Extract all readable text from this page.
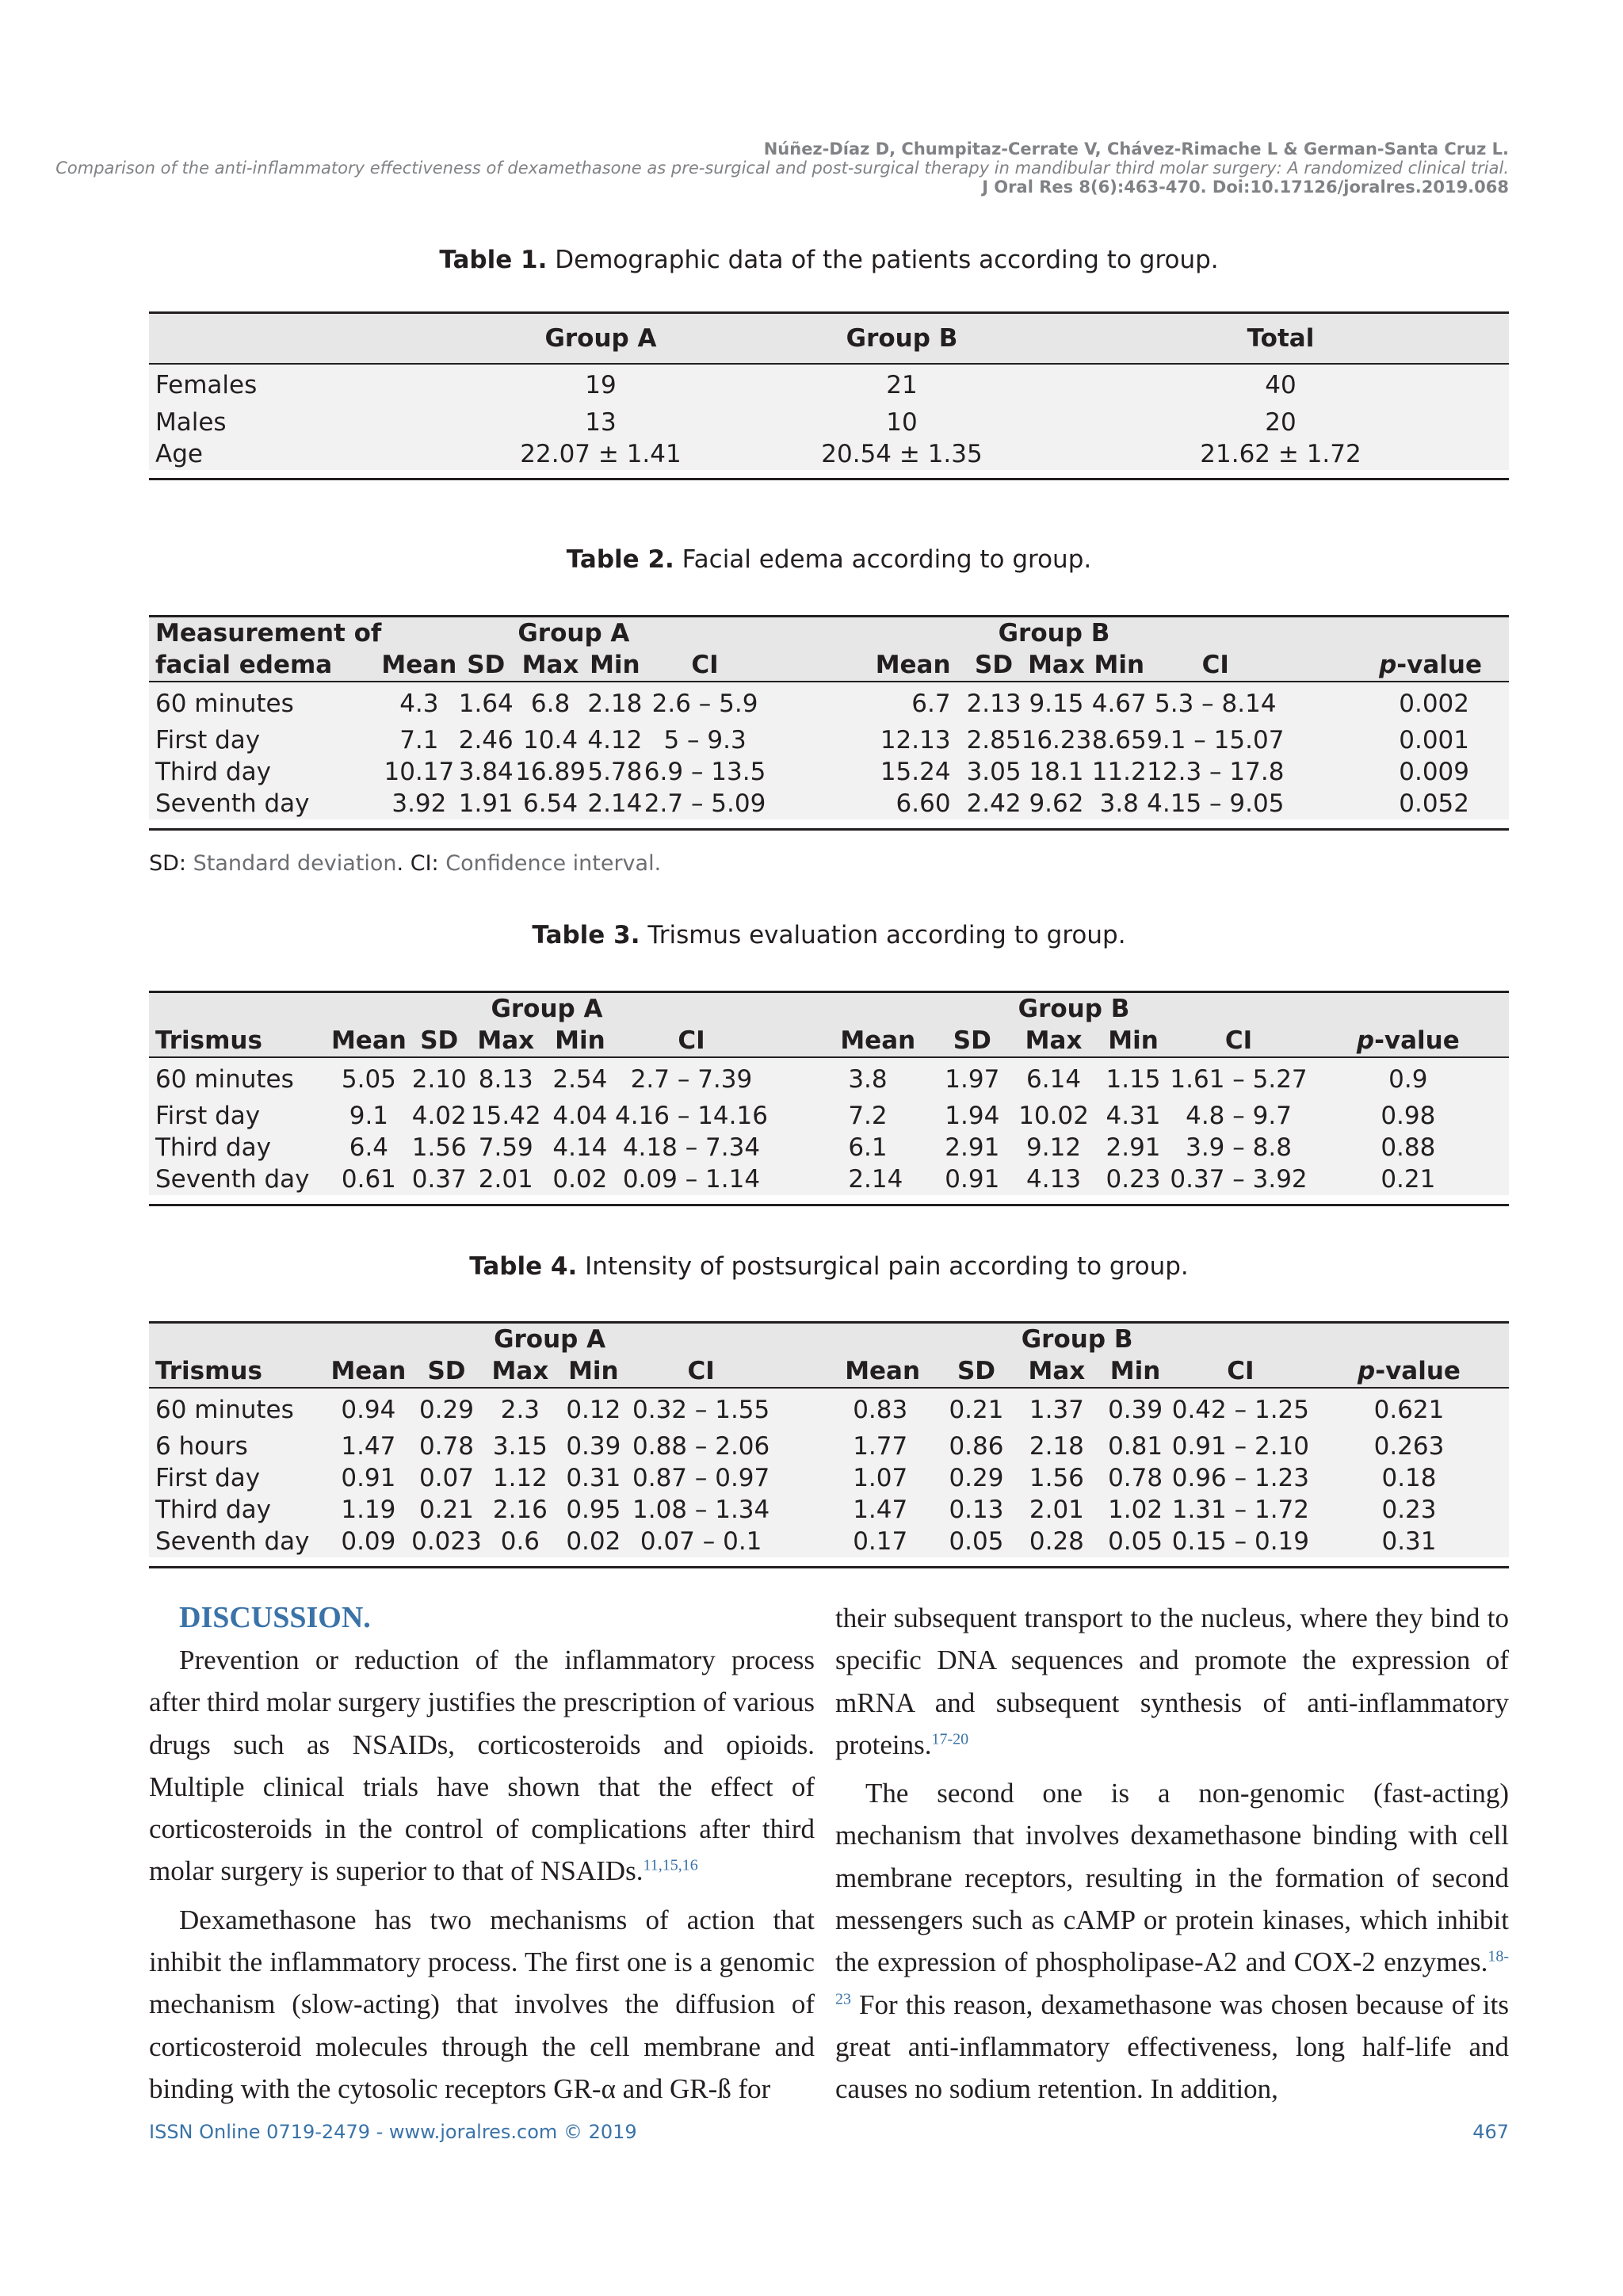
Núñez-Díaz D, Chumpitaz-Cerrate V, Chávez-Rimache L & German-Santa Cruz L.
Comparison of the anti-inflammatory effectiveness of dexamethasone as pre-surgical and post-surgical therapy in mandibular third molar surgery: A randomized clinical trial.
J Oral Res 8(6):463-470. Doi:10.17126/joralres.2019.068
Table 1. Demographic data of the patients according to group.
	Group A	Group B	Total
Females	19	21	40
Males	13	10	20
Age	22.07 ± 1.41	20.54 ± 1.35	21.62 ± 1.72

Table 2. Facial edema according to group.
Measurement of	Group A						Group B					
facial edema	Mean	SD	Max	Min	CI		Mean	SD	Max	Min	CI	p-value
60 minutes	4.3	1.64	6.8	2.18	2.6 – 5.9		6.7	2.13	9.15	4.67	5.3 – 8.14	0.002
First day	7.1	2.46	10.4	4.12	5 – 9.3		12.13	2.85	16.23	8.65	9.1 – 15.07	0.001
Third day	10.17	3.84	16.89	5.78	6.9 – 13.5		15.24	3.05	18.1	11.2	12.3 – 17.8	0.009
Seventh day	3.92	1.91	6.54	2.14	2.7 – 5.09		6.60	2.42	9.62	3.8	4.15 – 9.05	0.052

SD: Standard deviation. CI: Confidence interval.
Table 3. Trismus evaluation according to group.
	Group A						Group B					
Trismus	Mean	SD	Max	Min	CI		Mean	SD	Max	Min	CI	p-value
60 minutes	5.05	2.10	8.13	2.54	2.7 – 7.39		3.8	1.97	6.14	1.15	1.61 – 5.27	0.9
First day	9.1	4.02	15.42	4.04	4.16 – 14.16		7.2	1.94	10.02	4.31	4.8 – 9.7	0.98
Third day	6.4	1.56	7.59	4.14	4.18 – 7.34		6.1	2.91	9.12	2.91	3.9 – 8.8	0.88
Seventh day	0.61	0.37	2.01	0.02	0.09 – 1.14		2.14	0.91	4.13	0.23	0.37 – 3.92	0.21

Table 4. Intensity of postsurgical pain according to group.
	Group A						Group B					
Trismus	Mean	SD	Max	Min	CI		Mean	SD	Max	Min	CI	p-value
60 minutes	0.94	0.29	2.3	0.12	0.32 – 1.55		0.83	0.21	1.37	0.39	0.42 – 1.25	0.621
6 hours	1.47	0.78	3.15	0.39	0.88 – 2.06		1.77	0.86	2.18	0.81	0.91 – 2.10	0.263
First day	0.91	0.07	1.12	0.31	0.87 – 0.97		1.07	0.29	1.56	0.78	0.96 – 1.23	0.18
Third day	1.19	0.21	2.16	0.95	1.08 – 1.34		1.47	0.13	2.01	1.02	1.31 – 1.72	0.23
Seventh day	0.09	0.023	0.6	0.02	0.07 – 0.1		0.17	0.05	0.28	0.05	0.15 – 0.19	0.31

DISCUSSION.

Prevention or reduction of the inflammatory process after third molar surgery justifies the prescription of various drugs such as NSAIDs, corticosteroids and opioids. Multiple clinical trials have shown that the effect of corticosteroids in the control of complications after third molar surgery is superior to that of NSAIDs.$^{11,15,16}$

Dexamethasone has two mechanisms of action that inhibit the inflammatory process. The first one is a genomic mechanism (slow-acting) that involves the diffusion of corticosteroid molecules through the cell membrane and binding with the cytosolic receptors GR-α and GR-ß for

their subsequent transport to the nucleus, where they bind to specific DNA sequences and promote the expression of mRNA and subsequent synthesis of anti-inflammatory proteins.$^{17-20}$

The second one is a non-genomic (fast-acting) mechanism that involves dexamethasone binding with cell membrane receptors, resulting in the formation of second messengers such as cAMP or protein kinases, which inhibit the expression of phospholipase-A2 and COX-2 enzymes.$^{18-23}$ For this reason, dexamethasone was chosen because of its great anti-inflammatory effectiveness, long half-life and causes no sodium retention. In addition,

ISSN Online 0719-2479 - www.joralres.com © 2019	467
